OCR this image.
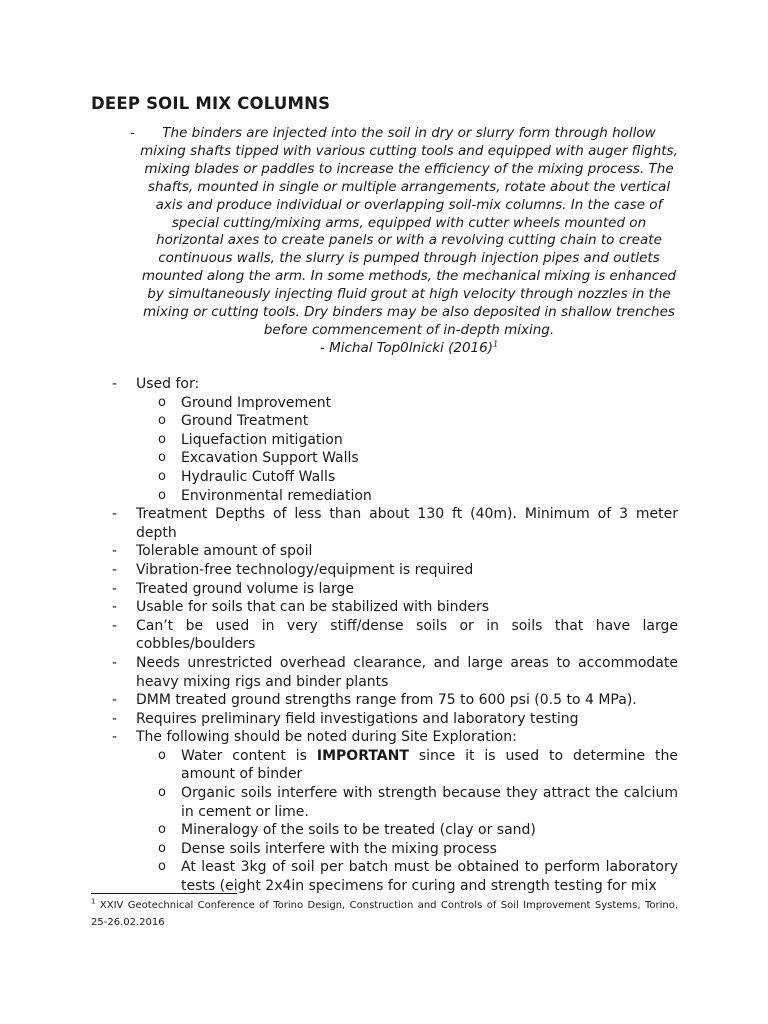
DEEP SOIL MIX COLUMNS
-	The binders are injected into the soil in dry or slurry form through hollow mixing shafts tipped with various cutting tools and equipped with auger flights, mixing blades or paddles to increase the efficiency of the mixing process. The shafts, mounted in single or multiple arrangements, rotate about the vertical axis and produce individual or overlapping soil-mix columns. In the case of special cutting/mixing arms, equipped with cutter wheels mounted on horizontal axes to create panels or with a revolving cutting chain to create continuous walls, the slurry is pumped through injection pipes and outlets mounted along the arm. In some methods, the mechanical mixing is enhanced by simultaneously injecting fluid grout at high velocity through nozzles in the mixing or cutting tools. Dry binders may be also deposited in shallow trenches before commencement of in-depth mixing.
- Michal Top0lnicki $(2016)^1$
- Used for:
o Ground Improvement
o Ground Treatment
o Liquefaction mitigation
o Excavation Support Walls
o Hydraulic Cutoff Walls
o Environmental remediation
- Treatment Depths of less than about 130 ft (40m). Minimum of 3 meter depth
- Tolerable amount of spoil
- Vibration-free technology/equipment is required
- Treated ground volume is large
- Usable for soils that can be stabilized with binders
- Can’t be used in very stiff/dense soils or in soils that have large cobbles/boulders
- Needs unrestricted overhead clearance, and large areas to accommodate heavy mixing rigs and binder plants
- DMM treated ground strengths range from 75 to 600 psi (0.5 to 4 MPa).
- Requires preliminary field investigations and laboratory testing
- The following should be noted during Site Exploration:
o Water content is IMPORTANT since it is used to determine the amount of binder
o Organic soils interfere with strength because they attract the calcium in cement or lime.
o Mineralogy of the soils to be treated (clay or sand)
o Dense soils interfere with the mixing process
o At least 3kg of soil per batch must be obtained to perform laboratory tests (eight 2x4in specimens for curing and strength testing for mix
$^1$ XXIV Geotechnical Conference of Torino Design, Construction and Controls of Soil Improvement Systems, Torino, 25-26.02.2016
